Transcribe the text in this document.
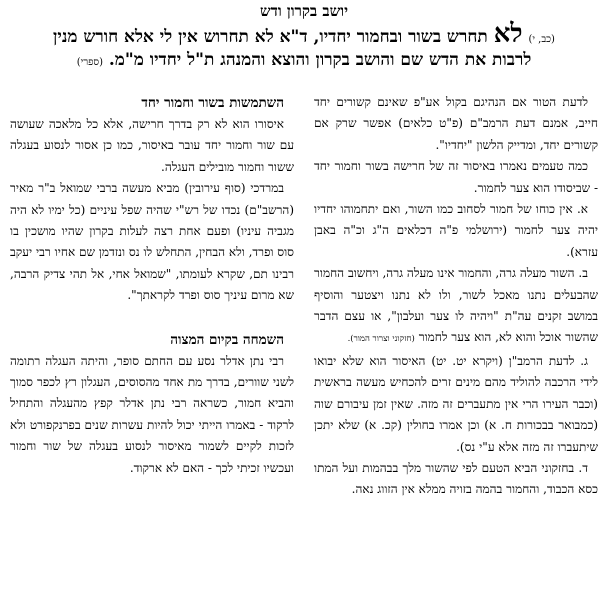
יושב בקרון ודש
(כב, י) לא תחרש בשור ובחמור יחדיו, ד"א לא תחרוש אין לי אלא חורש מנין
לרבות את הדש שם והושב בקרון והוצא והמנהג ת"ל יחדיו מ"מ. (ספרי)

לדעת הטור אם הנהיגם בקול אע"פ שאינם קשורים יחד חייב, אמנם דעת הרמב"ם (פ"ט כלאים) אפשר שרק אם קשורים יחד, ומדייק הלשון "יחדיו".

כמה טעמים נאמרו באיסור זה של חרישה בשור וחמור יחד - שביסודו הוא צער לחמור.

א. אין כוחו של חמור לסחוב כמו השור, ואם יתחמוהו יחדיו יהיה צער לחמור (ירושלמי פ"ה דכלאים ה"ג וכ"ה באבן עזרא).

ב. השור מעלה גרה, והחמור אינו מעלה גרה, ויחשוב החמור שהבעלים נתנו מאכל לשור, ולו לא נתנו ויצטער והוסיף במושב זקנים עה"ת "ויהיה לו צער ועלבון", או עצם הדבר שהשור אוכל והוא לא, הוא צער לחמור (חזקוני וצרור המור).

ג. לדעת הרמב"ן (ויקרא יט. יט) האיסור הוא שלא יבואו לידי הרכבה להוליד מהם מינים זרים להכחיש מעשה בראשית (וכבר העירו הרי אין מתעברים זה מזה. שאין זמן עיבורם שוה (כמבואר בבכורות ח. א) וכן אמרו בחולין (קכ. א) שלא יתכן שיתעברו זה מזה אלא ע"י נס).

ד. בחזקוני הביא הטעם לפי שהשור מלך בבהמות ועל המתו כסא הכבוד, והחמור בהמה בזויה ממלא אין הזווג נאה.

השתמשות בשור וחמור יחד

איסורו הוא לא רק בדרך חרישה, אלא כל מלאכה שעושה עם שור וחמור יחד עובר באיסור, כמו כן אסור לנסוע בעגלה ששור וחמור מובילים העגלה.

במרדכי (סוף עירובין) מביא מעשה ברבי שמואל ב"ר מאיר (הרשב"ם) נכדו של רש"י שהיה שפל עיניים (כל ימיו לא היה מגביה עיניו) ופעם אחת רצה לעלות בקרון שהיו מושכין בו סוס ופרד, ולא הבחין, התחלש לו נס ונזדמן שם אחיו רבי יעקב רבינו תם, שקרא לעומתו, "שמואל אחי, אל תהי צדיק הרבה, שא מרום עיניך סוס ופרד לקראתך".

השמחה בקיום המצוה

רבי נתן אדלר נסע עם החתם סופר, והיתה העגלה רתומה לשני שוורים, בדרך מת אחד מהסוסים, העגלון רץ לכפר סמוך והביא חמור, כשראה רבי נתן אדלר קפץ מהעגלה והתחיל לרקוד - באמרו הייתי יכול להיות עשרות שנים בפרנקפורט ולא לזכות לקיים לשמור מאיסור לנסוע בעגלה של שור וחמור ועכשיו זכיתי לכך - האם לא ארקוד.
